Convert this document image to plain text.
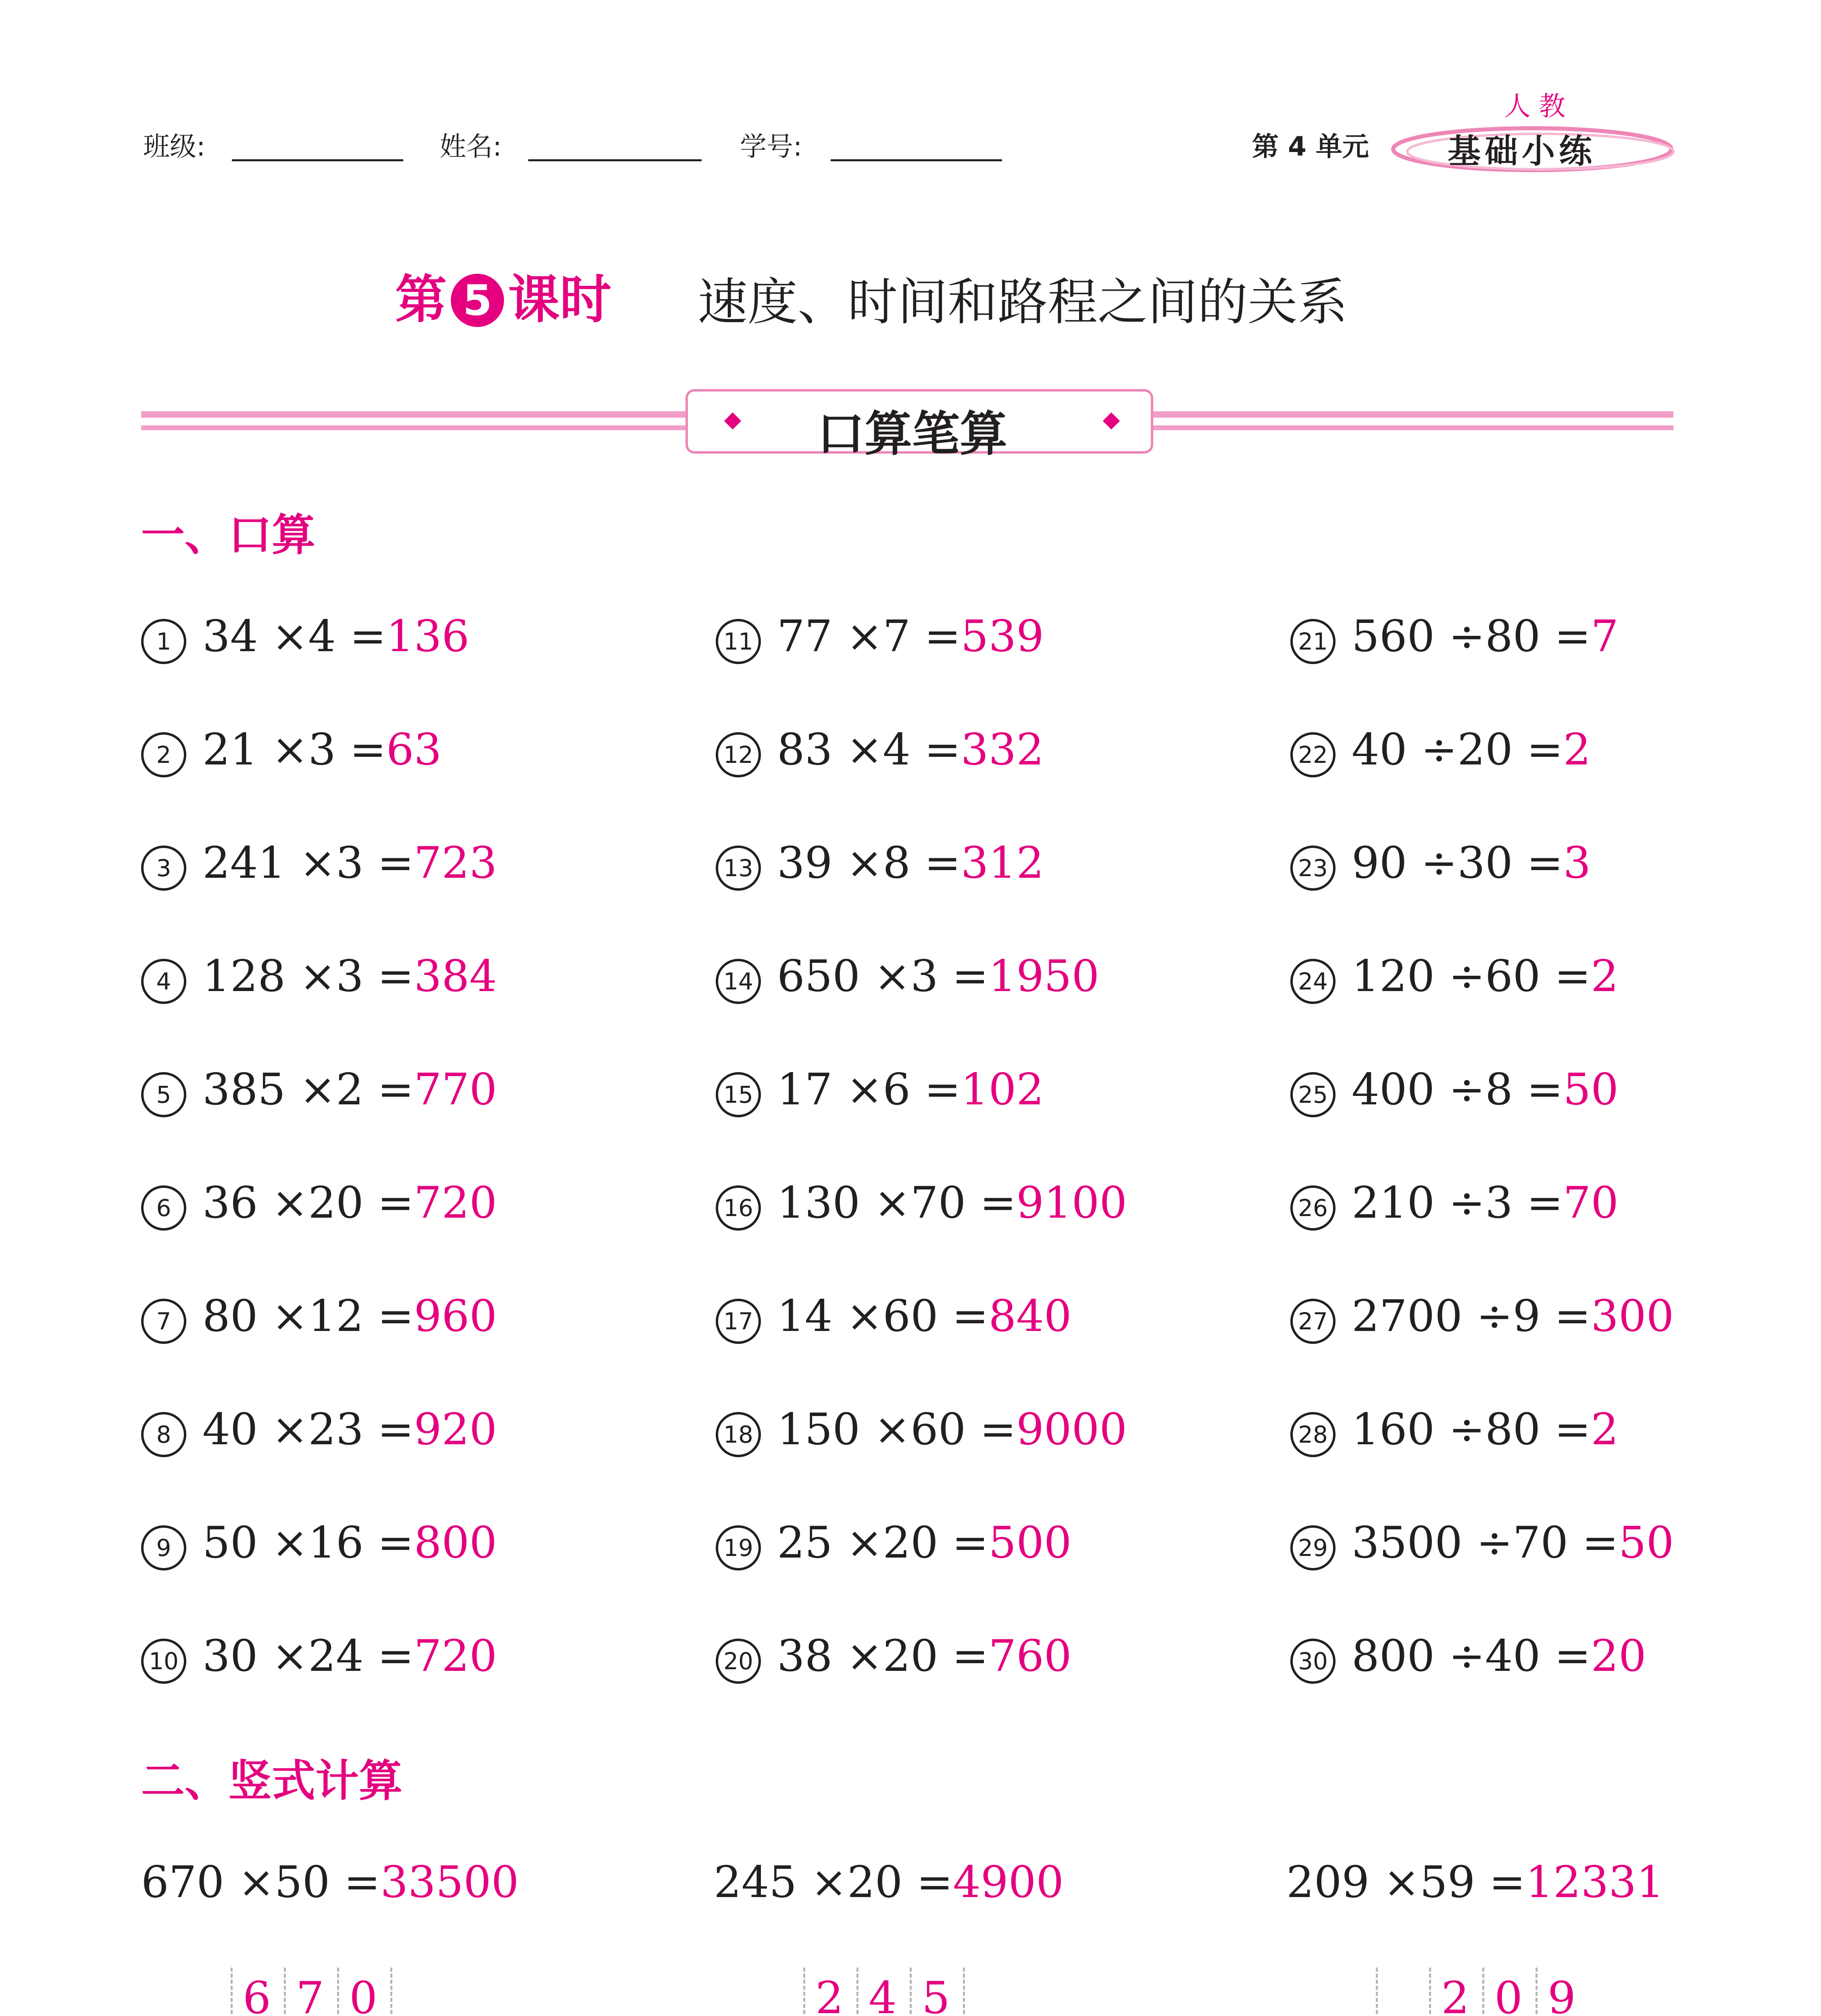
班级:	姓名:	学号:	第 4 单元
人教
基础小练
第 5 课时 速度、时间和路程之间的关系
口算笔算
一、口算
1 34 ×4 =136
2 21 ×3 =63
3 241 ×3 =723
4 128 ×3 =384
5 385 ×2 =770
6 36 ×20 =720
7 80 ×12 =960
8 40 ×23 =920
9 50 ×16 =800
10 30 ×24 =720
11 77 ×7 =539
12 83 ×4 =332
13 39 ×8 =312
14 650 ×3 =1950
15 17 ×6 =102
16 130 ×70 =9100
17 14 ×60 =840
18 150 ×60 =9000
19 25 ×20 =500
20 38 ×20 =760
21 560 ÷80 =7
22 40 ÷20 =2
23 90 ÷30 =3
24 120 ÷60 =2
25 400 ÷8 =50
26 210 ÷3 =70
27 2700 ÷9 =300
28 160 ÷80 =2
29 3500 ÷70 =50
30 800 ÷40 =20
二、竖式计算
670 ×50 =33500
6 7 0
245 ×20 =4900
2 4 5
209 ×59 =12331
2 0 9
